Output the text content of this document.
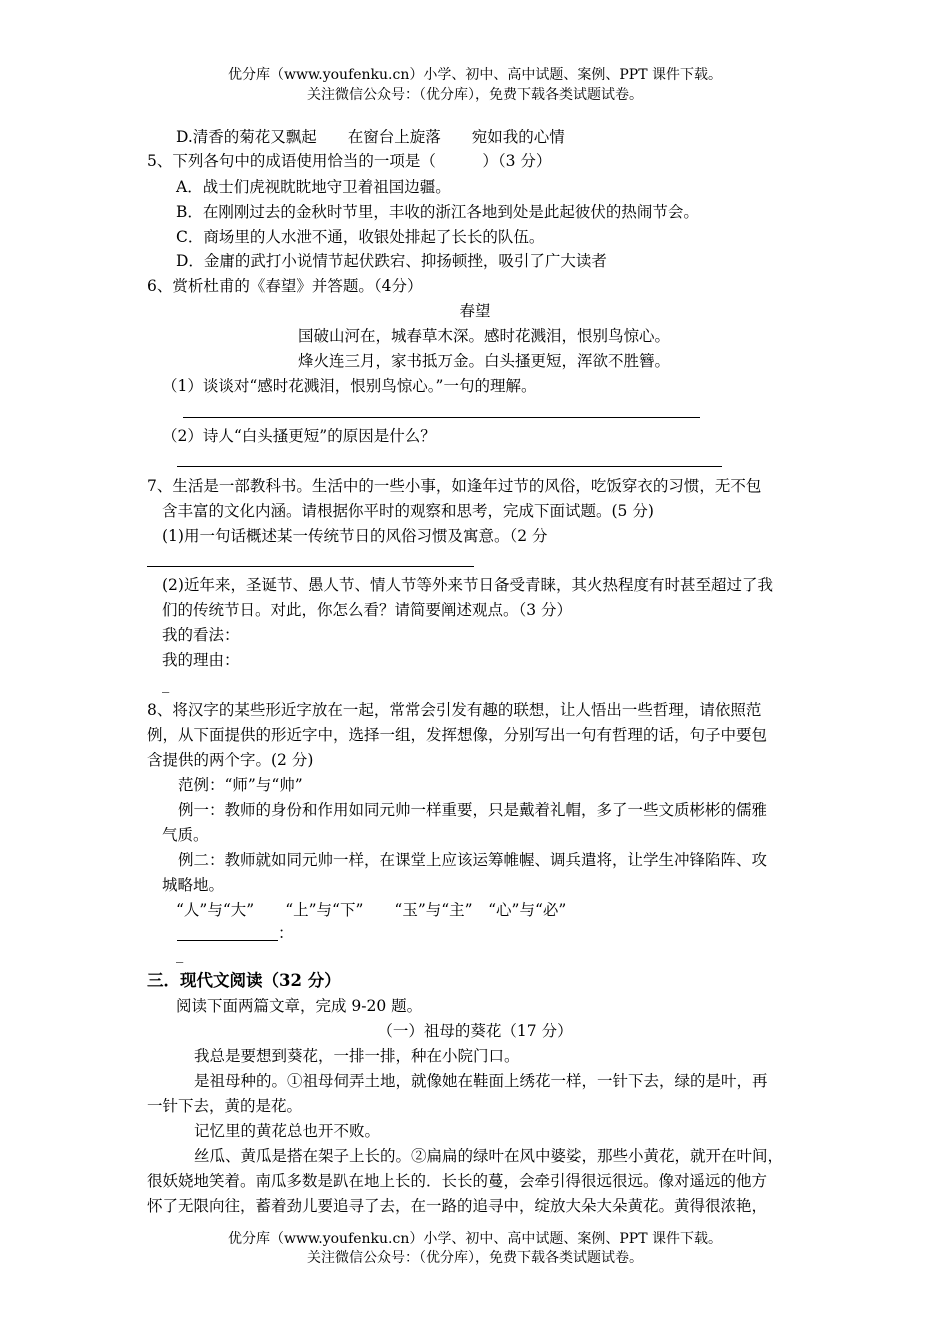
优分库（www.youfenku.cn）小学、初中、高中试题、案例、PPT 课件下载。
关注微信公众号：（优分库），免费下载各类试题试卷。
D.清香的菊花又飘起　　在窗台上旋落　　宛如我的心情
5、下列各句中的成语使用恰当的一项是（　　　）（3 分）
A．战士们虎视眈眈地守卫着祖国边疆。
B．在刚刚过去的金秋时节里，丰收的浙江各地到处是此起彼伏的热闹节会。
C．商场里的人水泄不通，收银处排起了长长的队伍。
D．金庸的武打小说情节起伏跌宕、抑扬顿挫，吸引了广大读者
6、赏析杜甫的《春望》并答题。（4分）
春望
国破山河在，城春草木深。感时花溅泪，恨别鸟惊心。
烽火连三月，家书抵万金。白头搔更短，浑欲不胜簪。
（1）谈谈对“感时花溅泪，恨别鸟惊心。”一句的理解。
（2）诗人“白头搔更短”的原因是什么？
7、生活是一部教科书。生活中的一些小事，如逢年过节的风俗，吃饭穿衣的习惯，无不包
含丰富的文化内涵。请根据你平时的观察和思考，完成下面试题。(5 分)
(1)用一句话概述某一传统节日的风俗习惯及寓意。（2 分
(2)近年来，圣诞节、愚人节、情人节等外来节日备受青睐，其火热程度有时甚至超过了我
们的传统节日。对此，你怎么看？请简要阐述观点。（3 分）
我的看法：
我的理由：
_
8、将汉字的某些形近字放在一起，常常会引发有趣的联想，让人悟出一些哲理，请依照范
例，从下面提供的形近字中，选择一组，发挥想像，分别写出一句有哲理的话，句子中要包
含提供的两个字。(2 分)
范例：“师”与“帅”
例一：教师的身份和作用如同元帅一样重要，只是戴着礼帽，多了一些文质彬彬的儒雅
气质。
例二：教师就如同元帅一样，在课堂上应该运筹帷幄、调兵遣将，让学生冲锋陷阵、攻
城略地。
“人”与“大”　　“上”与“下”　　“玉”与“主”　“心”与“必”
：
_
三．现代文阅读（32 分）
阅读下面两篇文章，完成 9-20 题。
（一）祖母的葵花（17 分）
我总是要想到葵花，一排一排，种在小院门口。
是祖母种的。①祖母伺弄土地，就像她在鞋面上绣花一样，一针下去，绿的是叶，再
一针下去，黄的是花。
记忆里的黄花总也开不败。
丝瓜、黄瓜是搭在架子上长的。②扁扁的绿叶在风中婆娑，那些小黄花，就开在叶间，
很妖娆地笑着。南瓜多数是趴在地上长的．长长的蔓，会牵引得很远很远。像对遥远的他方
怀了无限向往，蓄着劲儿要追寻了去，在一路的追寻中，绽放大朵大朵黄花。黄得很浓艳，
优分库（www.youfenku.cn）小学、初中、高中试题、案例、PPT 课件下载。
关注微信公众号：（优分库），免费下载各类试题试卷。
